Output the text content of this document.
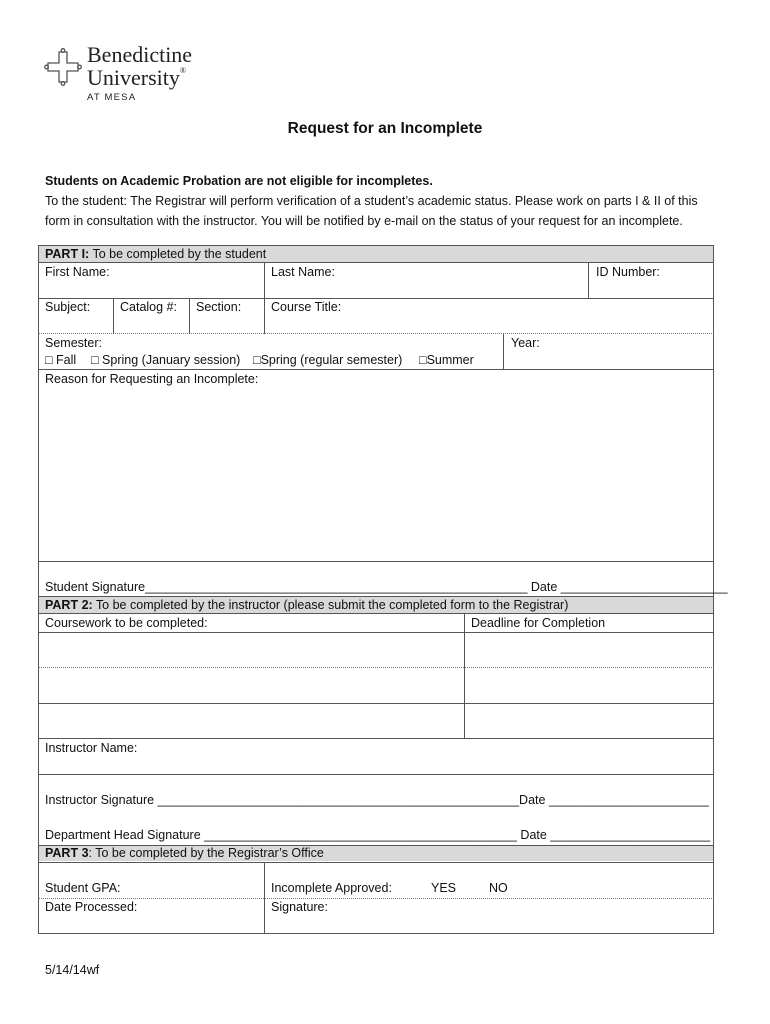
Benedictine
University®
AT MESA
Request for an Incomplete
Students on Academic Probation are not eligible for incompletes.
To the student: The Registrar will perform verification of a student’s academic status. Please work on parts I & II of this
form in consultation with the instructor. You will be notified by e-mail on the status of your request for an incomplete.
PART I: To be completed by the student
First Name:	Last Name:	ID Number:
Subject: Catalog #: Section: Course Title:
Semester:	Year:
□ Fall □ Spring (January session) □Spring (regular semester) □Summer
Reason for Requesting an Incomplete:
Student Signature_______________________________________________________ Date ________________________
PART 2: To be completed by the instructor (please submit the completed form to the Registrar)
Coursework to be completed:	Deadline for Completion
Instructor Name:
Instructor Signature ____________________________________________________Date _______________________
Department Head Signature _____________________________________________ Date _______________________
PART 3: To be completed by the Registrar’s Office
Student GPA:	Incomplete Approved:	YES	NO
Date Processed:	Signature:
5/14/14wf
